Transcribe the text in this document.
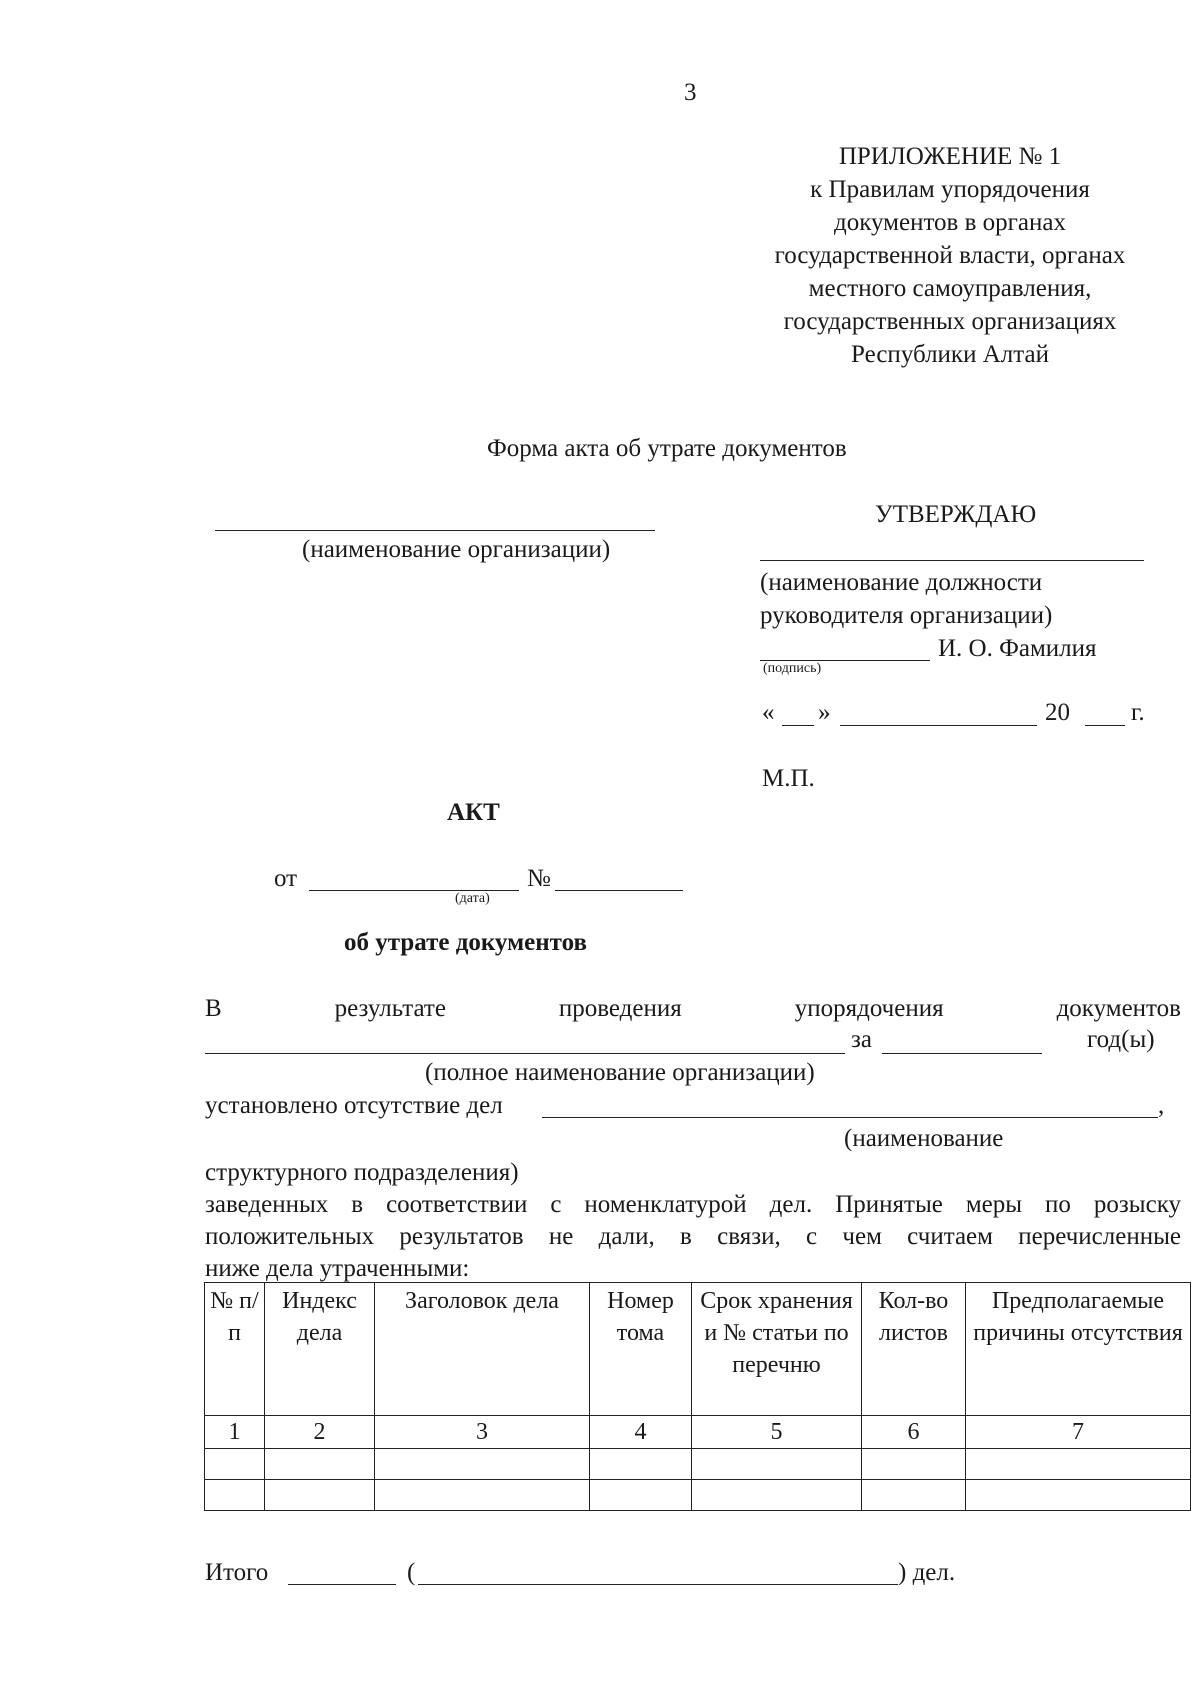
3
ПРИЛОЖЕНИЕ № 1
к Правилам упорядочения
документов в органах
государственной власти, органах
местного самоуправления,
государственных организациях
Республики Алтай
Форма акта об утрате документов
(наименование организации)
УТВЕРЖДАЮ
(наименование должности
руководителя организации)
И. О. Фамилия
(подпись)
« »	20 г.
М.П.
АКТ
от
(дата)
№
об утрате документов
В	результате	проведения	упорядочения	документов
за	год(ы)
(полное наименование организации)
установлено отсутствие дел	,
(наименование
структурного подразделения)
заведенных в соответствии с номенклатурой дел. Принятые меры по розыску
положительных результатов не дали, в связи, с чем считаем перечисленные
ниже дела утраченными:
№ п/п	Индекс дела	Заголовок дела	Номер тома	Срок хранения и № статьи по перечню	Кол-во листов	Предполагаемые причины отсутствия
1	2	3	4	5	6	7

Итого	(	) дел.
